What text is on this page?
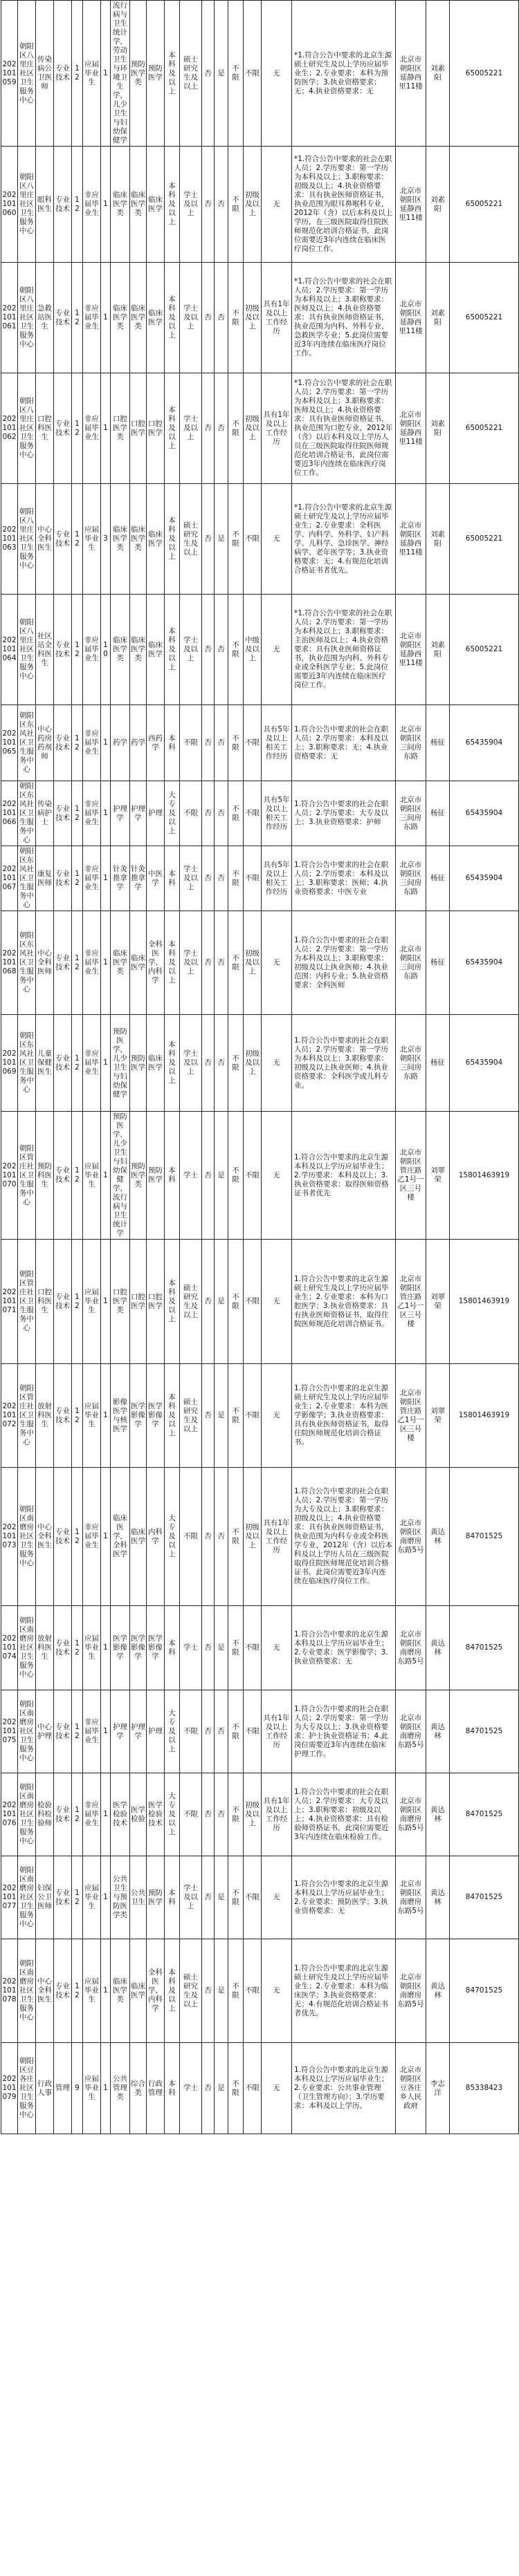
202101059	朝阳区八里庄社区卫生服务中心	传染病公卫医师	专业技术	12	应届毕业生	1	流行病与卫生统计学，劳动卫生与环境卫生学，儿少卫生与妇幼保健学	预防医学类	预防医学	本科及以上	硕士研究生及以上	否	是	不限	不限	无	*1.符合公告中要求的北京生源硕士研究生及以上学历应届毕业生；2.专业要求：本科为预防医学；3.执业资格要求：无；4.执业资格要求：无	北京市朝阳区延静西里11楼	刘素阳	65005221
202101060	朝阳区八里庄社区卫生服务中心	眼科医生	专业技术	12	非应届毕业生	1	临床医学类	临床医学类	临床医学	本科及以上	学士及以上	否	否	不限	初级及以上	无	*1.符合公告中要求的社会在职人员；2.学历要求：第一学历为本科及以上；3.职称要求：初级及以上；4.执业资格要求：具有执业医师资格证书，执业范围为眼耳鼻喉科专业，2012年（含）以后本科及以上学历，在三级医院取得住院医师规范化培训合格证书，此岗位需要近3年内连续在临床医疗岗位工作。	北京市朝阳区延静西里11楼	刘素阳	65005221
202101061	朝阳区八里庄社区卫生服务中心	急救站医生	专业技术	12	非应届毕业生	1	临床医学类	临床医学类	临床医学	本科及以上	学士及以上	否	否	不限	初级及以上	具有1年及以上工作经历	*1.符合公告中要求的社会在职人员；2.学历要求：第一学历为本科及以上；3.职称要求：医师及以上；4.执业资格要求：具有执业医师资格证书，执业范围为内科、外科专业、急救医学专业；5.此岗位需要近3年内连续在临床医疗岗位工作。	北京市朝阳区延静西里11楼	刘素阳	65005221
202101062	朝阳区八里庄社区卫生服务中心	口腔科医生	专业技术	12	非应届毕业生	1	口腔医学类	口腔医学	口腔医学	本科及以上	学士及以上	否	否	不限	初级及以上	具有1年及以上工作经历	*1.符合公告中要求的社会在职人员；2.学历要求：第一学历为本科及以上；3.职称要求：医师及以上；4.执业资格要求：具有执业医师资格证书，执业范围为口腔专业，2012年（含）以后本科及以上学历人员在三级医院取得住院医师规范化培训合格证书，此岗位需要近3年内连续在临床医疗岗位工作。	北京市朝阳区延静西里11楼	刘素阳	65005221
202101063	朝阳区八里庄社区卫生服务中心	中心全科医生	专业技术	12	应届毕业生	3	临床医学类	临床医学类	临床医学	本科及以上	硕士研究生及以上	否	是	不限	不限	无	*1.符合公告中要求的北京生源硕士研究生及以上学历应届毕业生；2.专业要求：全科医学、内科学、外科学、妇产科学、儿科学、急诊医学、神经病学、老年医学等；3.执业资格要求：无；4.有规范化培训合格证书者优先。	北京市朝阳区延静西里11楼	刘素阳	65005221
202101064	朝阳区八里庄社区卫生服务中心	社区站全科医生	专业技术	12	非应届毕业生	10	临床医学类	临床医学类	临床医学	本科及以上	学士及以上	否	否	不限	中级及以上	无	*1.符合公告中要求的社会在职人员；2.学历要求：第一学历为本科及以上；3.职称要求：主治医师及以上；4.执业资格要求：具有执业医师资格证书，执业范围为内科、外科专业或全科医学专业；5.此岗位需要近3年内连续在临床医疗岗位工作。	北京市朝阳区延静西里11楼	刘素阳	65005221
202101065	朝阳区东风社区卫生服务中心	中心药房药剂师	专业技术	12	非应届毕业生	1	药学	药学	西药学	本科	不限	否	否	不限	不限	具有5年及以上相关工作经历	1.符合公告中要求的社会在职人员；2.学历要求：本科及以上；3.职称要求：无；4.执业资格要求：无	北京市朝阳区三间房东路	杨征	65435904
202101066	朝阳区东风社区卫生服务中心	传染病护士	专业技术	12	非应届毕业生	1	护理学	护理学	护理	大专及以上	不限	否	否	不限	不限	具有5年及以上相关工作经历	1.符合公告中要求的社会在职人员；2.学历要求：大专及以上；3.执业资格要求：护师	北京市朝阳区三间房东路	杨征	65435904
202101067	朝阳区东风社区卫生服务中心	康复医师	专业技术	12	非应届毕业生	1	针灸推拿学	针灸推拿学	中医学	本科	学士及以上	否	否	不限	不限	具有5年及以上相关工作经历	1.符合公告中要求的社会在职人员；2.学历要求：本科及以上；3.职称要求：医师；4.执业资格要求：中医专业	北京市朝阳区三间房东路	杨征	65435904
202101068	朝阳区东风社区卫生服务中心	中心全科医师	专业技术	12	非应届毕业生	1	临床医学类	临床医学	全科医学，内科学	本科及以上	学士及以上	否	否	不限	初级及以上	无	1.符合公告中要求的社会在职人员；2.学历要求：第一学历为本科及以上；3.职称要求：初级及以上执业医师；4.执业范围：内科专业；5.执业资格要求：全科医师	北京市朝阳区三间房东路	杨征	65435904
202101069	朝阳区东风社区卫生服务中心	儿童保健医生	专业技术	12	非应届毕业生	1	预防医学，儿少卫生与妇幼保健学	预防医学	临床医学	本科及以上	学士及以上	否	否	不限	初级及以上	无	1.符合公告中要求的社会在职人员；2.学历要求：第一学历为本科及以上；3.职称要求：初级及以上执业医师；4.执业资格要求：全科医学或儿科专业。	北京市朝阳区三间房东路	杨征	65435904
202101070	朝阳区管庄社区卫生服务中心	预防科医生	专业技术	12	应届毕业生	1	预防医学，儿少卫生与妇幼保健学，流行病与卫生统计学	预防医学类	预防医学	本科	学士	否	是	不限	不限	无	1.符合公告中要求的北京生源本科及以上学历应届毕业生；2.学历要求：本科及以上；3.执业资格要求：取得医师资格证书者优先	北京市朝阳区管庄路乙1号一区三号楼	刘翠荣	15801463919
202101071	朝阳区管庄社区卫生服务中心	口腔科医生	专业技术	12	应届毕业生	1	口腔医学类	口腔医学	口腔医学	本科及以上	硕士研究生及以上	否	是	不限	不限	无	1.符合公告中要求的北京生源硕士研究生及以上学历应届毕业生；2.专业要求：本科为口腔医学；3.执业资格要求：具有执业医师资格证书，取得住院医师规范化培训合格证书。	北京市朝阳区管庄路乙1号一区三号楼	刘翠荣	15801463919
202101072	朝阳区管庄社区卫生服务中心	放射科医生	专业技术	12	应届毕业生	1	影像医学与核医学	医学影像学	医学影像学	本科及以上	硕士研究生及以上	否	是	不限	不限	无	1.符合公告中要求的北京生源硕士研究生及以上学历应届毕业生；2.专业要求：本科为医学影像学；3.执业资格要求：具有执业医师资格证书，取得住院医师规范化培训合格证书。	北京市朝阳区管庄路乙1号一区三号楼	刘翠荣	15801463919
202101073	朝阳区南磨房社区卫生服务中心	中心全科医生	专业技术	12	非应届毕业生	1	临床医学，全科医学	临床医学	内科学	大专及以上	不限	否	否	不限	初级及以上	具有1年及以上工作经历	1.符合公告中要求的社会在职人员；2.学历要求：第一学历为大专及以上；3.职称要求：初级及以上；4.执业资格要求：具有执业医师资格证书，执业范围为内科专业或全科医学专业，2012年（含）以后本科及以上学历人员在三级医院取得住院医师规范化培训合格证书，此岗位需要近3年内连续在临床医疗岗位工作。	北京市朝阳区南磨房东路5号	黄达林	84701525
202101074	朝阳区南磨房社区卫生服务中心	放射科医生	专业技术	12	应届毕业生	1	医学影像学	医学影像学	医学影像学	本科	学士	否	是	不限	不限	无	1.符合公告中要求的北京生源本科及以上学历应届毕业生；2.专业要求：医学影像学；3.执业资格要求：无	北京市朝阳区南磨房东路5号	黄达林	84701525
202101075	朝阳区南磨房社区卫生服务中心	中心护理	专业技术	12	非应届毕业生	1	护理学	护理学	护理	大专及以上	不限	否	否	不限	不限	具有1年及以上工作经历	1.符合公告中要求的社会在职人员；2.学历要求：第一学历为大专及以上；3.执业资格要求：护士执业资格证书；4.此岗位需要近3年内连续在临床护理工作。	北京市朝阳区南磨房东路5号	黄达林	84701525
202101076	朝阳区南磨房社区卫生服务中心	检验科检验师	专业技术	12	非应届毕业生	1	医学检验技术	医学检验	医学检验技术	大专及以上	不限	否	否	不限	初级及以上	具有1年及以上工作经历	1.符合公告中要求的社会在职人员；2.学历要求：大专及以上；3.职称要求：初级及以上；4.执业资格要求：具有检验师资格证书，此岗位需要近3年内连续在临床检验工作。	北京市朝阳区南磨房东路5号	黄达林	84701525
202101077	朝阳区南磨房社区卫生服务中心	妇保公卫医师	专业技术	12	应届毕业生	1	公共卫生与预防医学类	公共卫生	预防医学	本科	学士及以上	否	是	不限	不限	无	1.符合公告中要求的北京生源本科及以上学历应届毕业生；2.专业要求：预防医学；3.执业资格要求：无	北京市朝阳区南磨房东路5号	黄达林	84701525
202101078	朝阳区南磨房社区卫生服务中心	中心全科医生	专业技术	12	应届毕业生	1	临床医学类	临床医学	全科医学，内科学	本科及以上	硕士研究生及以上	否	是	不限	不限	无	1.符合公告中要求的北京生源硕士研究生及以上学历应届毕业生；2.专业要求：本科为临床医学；3.执业资格要求：无；4.有规范化培训合格证书者优先。	北京市朝阳区南磨房东路5号	黄达林	84701525
202101079	朝阳区豆各庄社区卫生服务中心	行政人事	管理	9	应届毕业生	1	公共管理类	综合类	行政管理	本科	学士	否	是	不限	不限	无	1.符合公告中要求的北京生源本科及以上学历应届毕业生；2.专业要求：公共事业管理（卫生管理方向）；3.学历要求：本科及以上学历。	北京市朝阳区豆各庄乡人民政府	李志洋	85338423
